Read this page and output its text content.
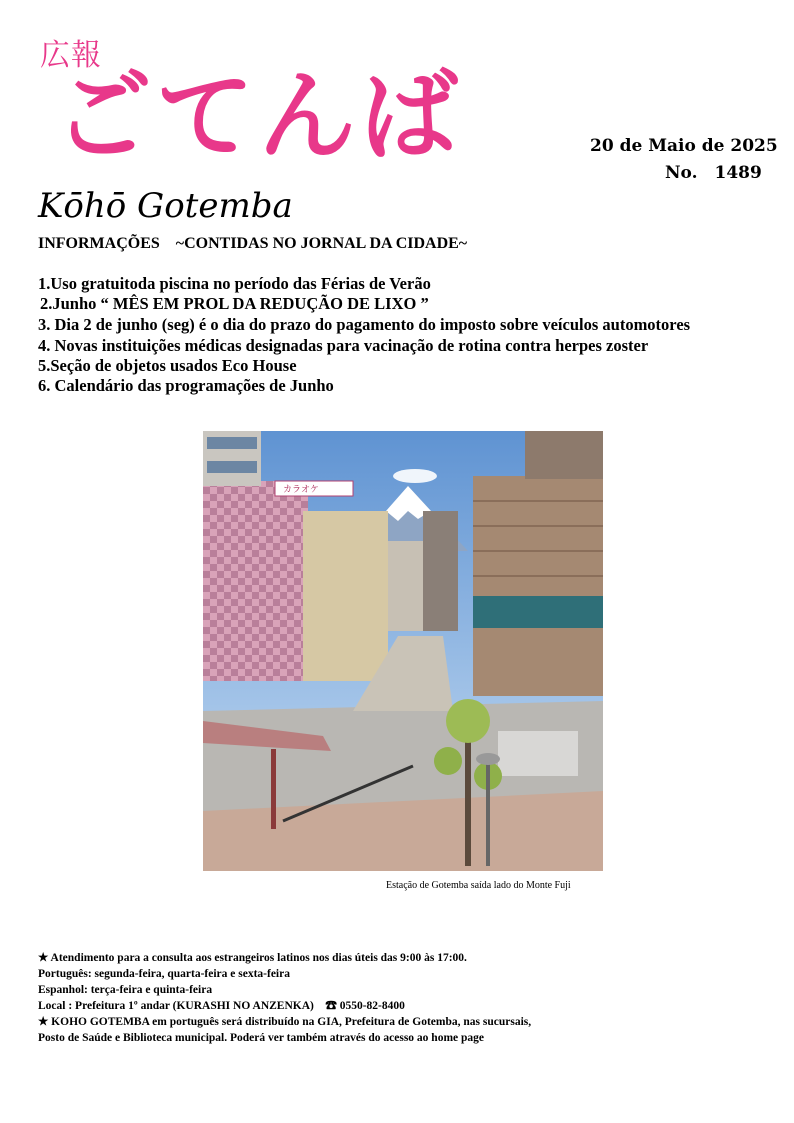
広報
ごてんば	20 de Maio de 2025
No.　1489
Kōhō Gotemba
INFORMAÇÕES　~CONTIDAS NO JORNAL DA CIDADE~
1.Uso gratuitoda piscina no período das Férias de Verão
2.Junho “ MÊS EM PROL DA REDUÇÃO DE LIXO ”
3. Dia 2 de junho (seg) é o dia do prazo do pagamento do imposto sobre veículos automotores
4. Novas instituições médicas designadas para vacinação de rotina contra herpes zoster
5.Seção de objetos usados Eco House
6. Calendário das programações de Junho
カラオケ
Estação de Gotemba saída lado do Monte Fuji
★ Atendimento para a consulta aos estrangeiros latinos nos dias úteis das 9:00 às 17:00.
Português: segunda-feira, quarta-feira e sexta-feira
Espanhol: terça-feira e quinta-feira
Local : Prefeitura 1º andar (KURASHI NO ANZENKA)　☎ 0550-82-8400
★ KOHO GOTEMBA em português será distribuído na GIA, Prefeitura de Gotemba, nas sucursais,
Posto de Saúde e Biblioteca municipal. Poderá ver também através do acesso ao home page
